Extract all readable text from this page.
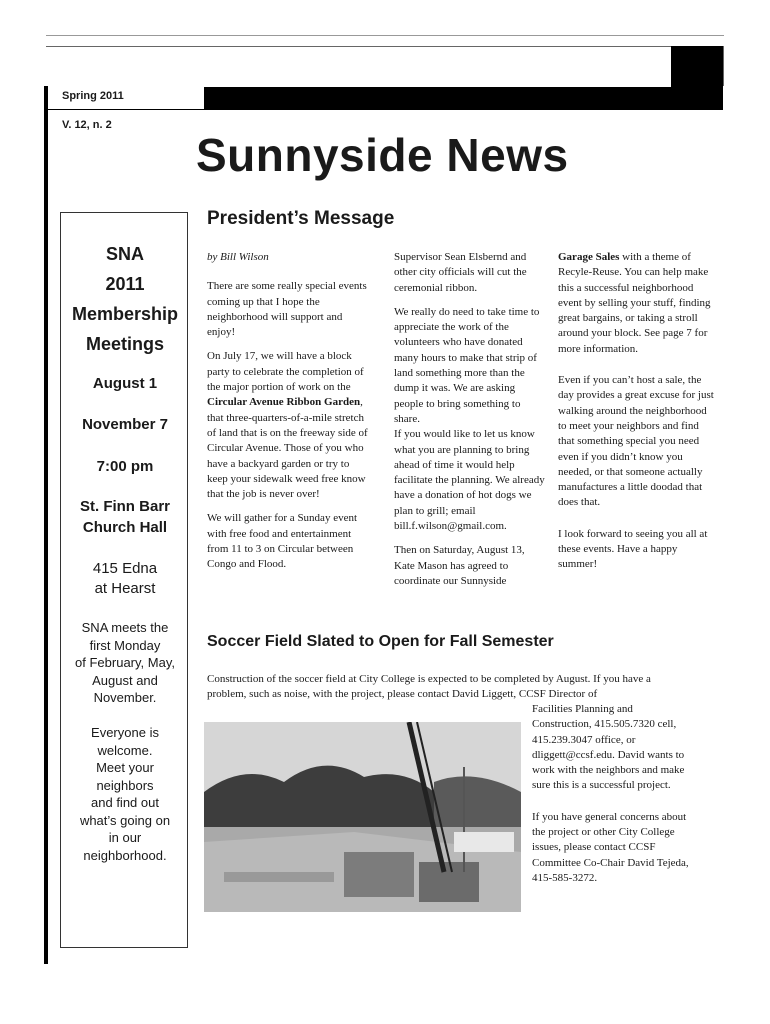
Spring 2011
V. 12, n. 2
Sunnyside News
SNA
2011
Membership
Meetings
August 1
November 7
7:00 pm
St. Finn Barr
Church Hall
415 Edna
at Hearst
SNA meets the
first Monday
of February, May,
August and
November.
Everyone is
welcome.
Meet your
neighbors
and find out
what’s going on
in our
neighborhood.
President’s Message

by Bill Wilson

There are some really special events coming up that I hope the neighborhood will support and enjoy!

On July 17, we will have a block party to celebrate the completion of the major portion of work on the Circular Avenue Ribbon Garden, that three-quarters-of-a-mile stretch of land that is on the freeway side of Circular Avenue. Those of you who have a backyard garden or try to keep your sidewalk weed free know that the job is never over!

We will gather for a Sunday event with free food and entertainment from 11 to 3 on Circular between Congo and Flood.

Supervisor Sean Elsbernd and other city officials will cut the ceremonial ribbon.

We really do need to take time to appreciate the work of the volunteers who have donated many hours to make that strip of land something more than the dump it was. We are asking people to bring something to share.

If you would like to let us know what you are planning to bring ahead of time it would help facilitate the planning. We already have a donation of hot dogs we plan to grill; email bill.f.wilson@gmail.com.

Then on Saturday, August 13, Kate Mason has agreed to coordinate our Sunnyside

Garage Sales with a theme of Recyle-Reuse. You can help make this a successful neighborhood event by selling your stuff, finding great bargains, or taking a stroll around your block. See page 7 for more information.

Even if you can’t host a sale, the day provides a great excuse for just walking around the neighborhood to meet your neighbors and find that something special you need even if you didn’t know you needed, or that someone actually manufactures a little doodad that does that.

I look forward to seeing you all at these events. Have a happy summer!

Soccer Field Slated to Open for Fall Semester

Construction of the soccer field at City College is expected to be completed by August. If you have a problem, such as noise, with the project, please contact David Liggett, CCSF Director of

Facilities Planning and Construction, 415.505.7320 cell, 415.239.3047 office, or dliggett@ccsf.edu. David wants to work with the neighbors and make sure this is a successful project.

If you have general concerns about the project or other City College issues, please contact CCSF Committee Co-Chair David Tejeda, 415-585-3272.
